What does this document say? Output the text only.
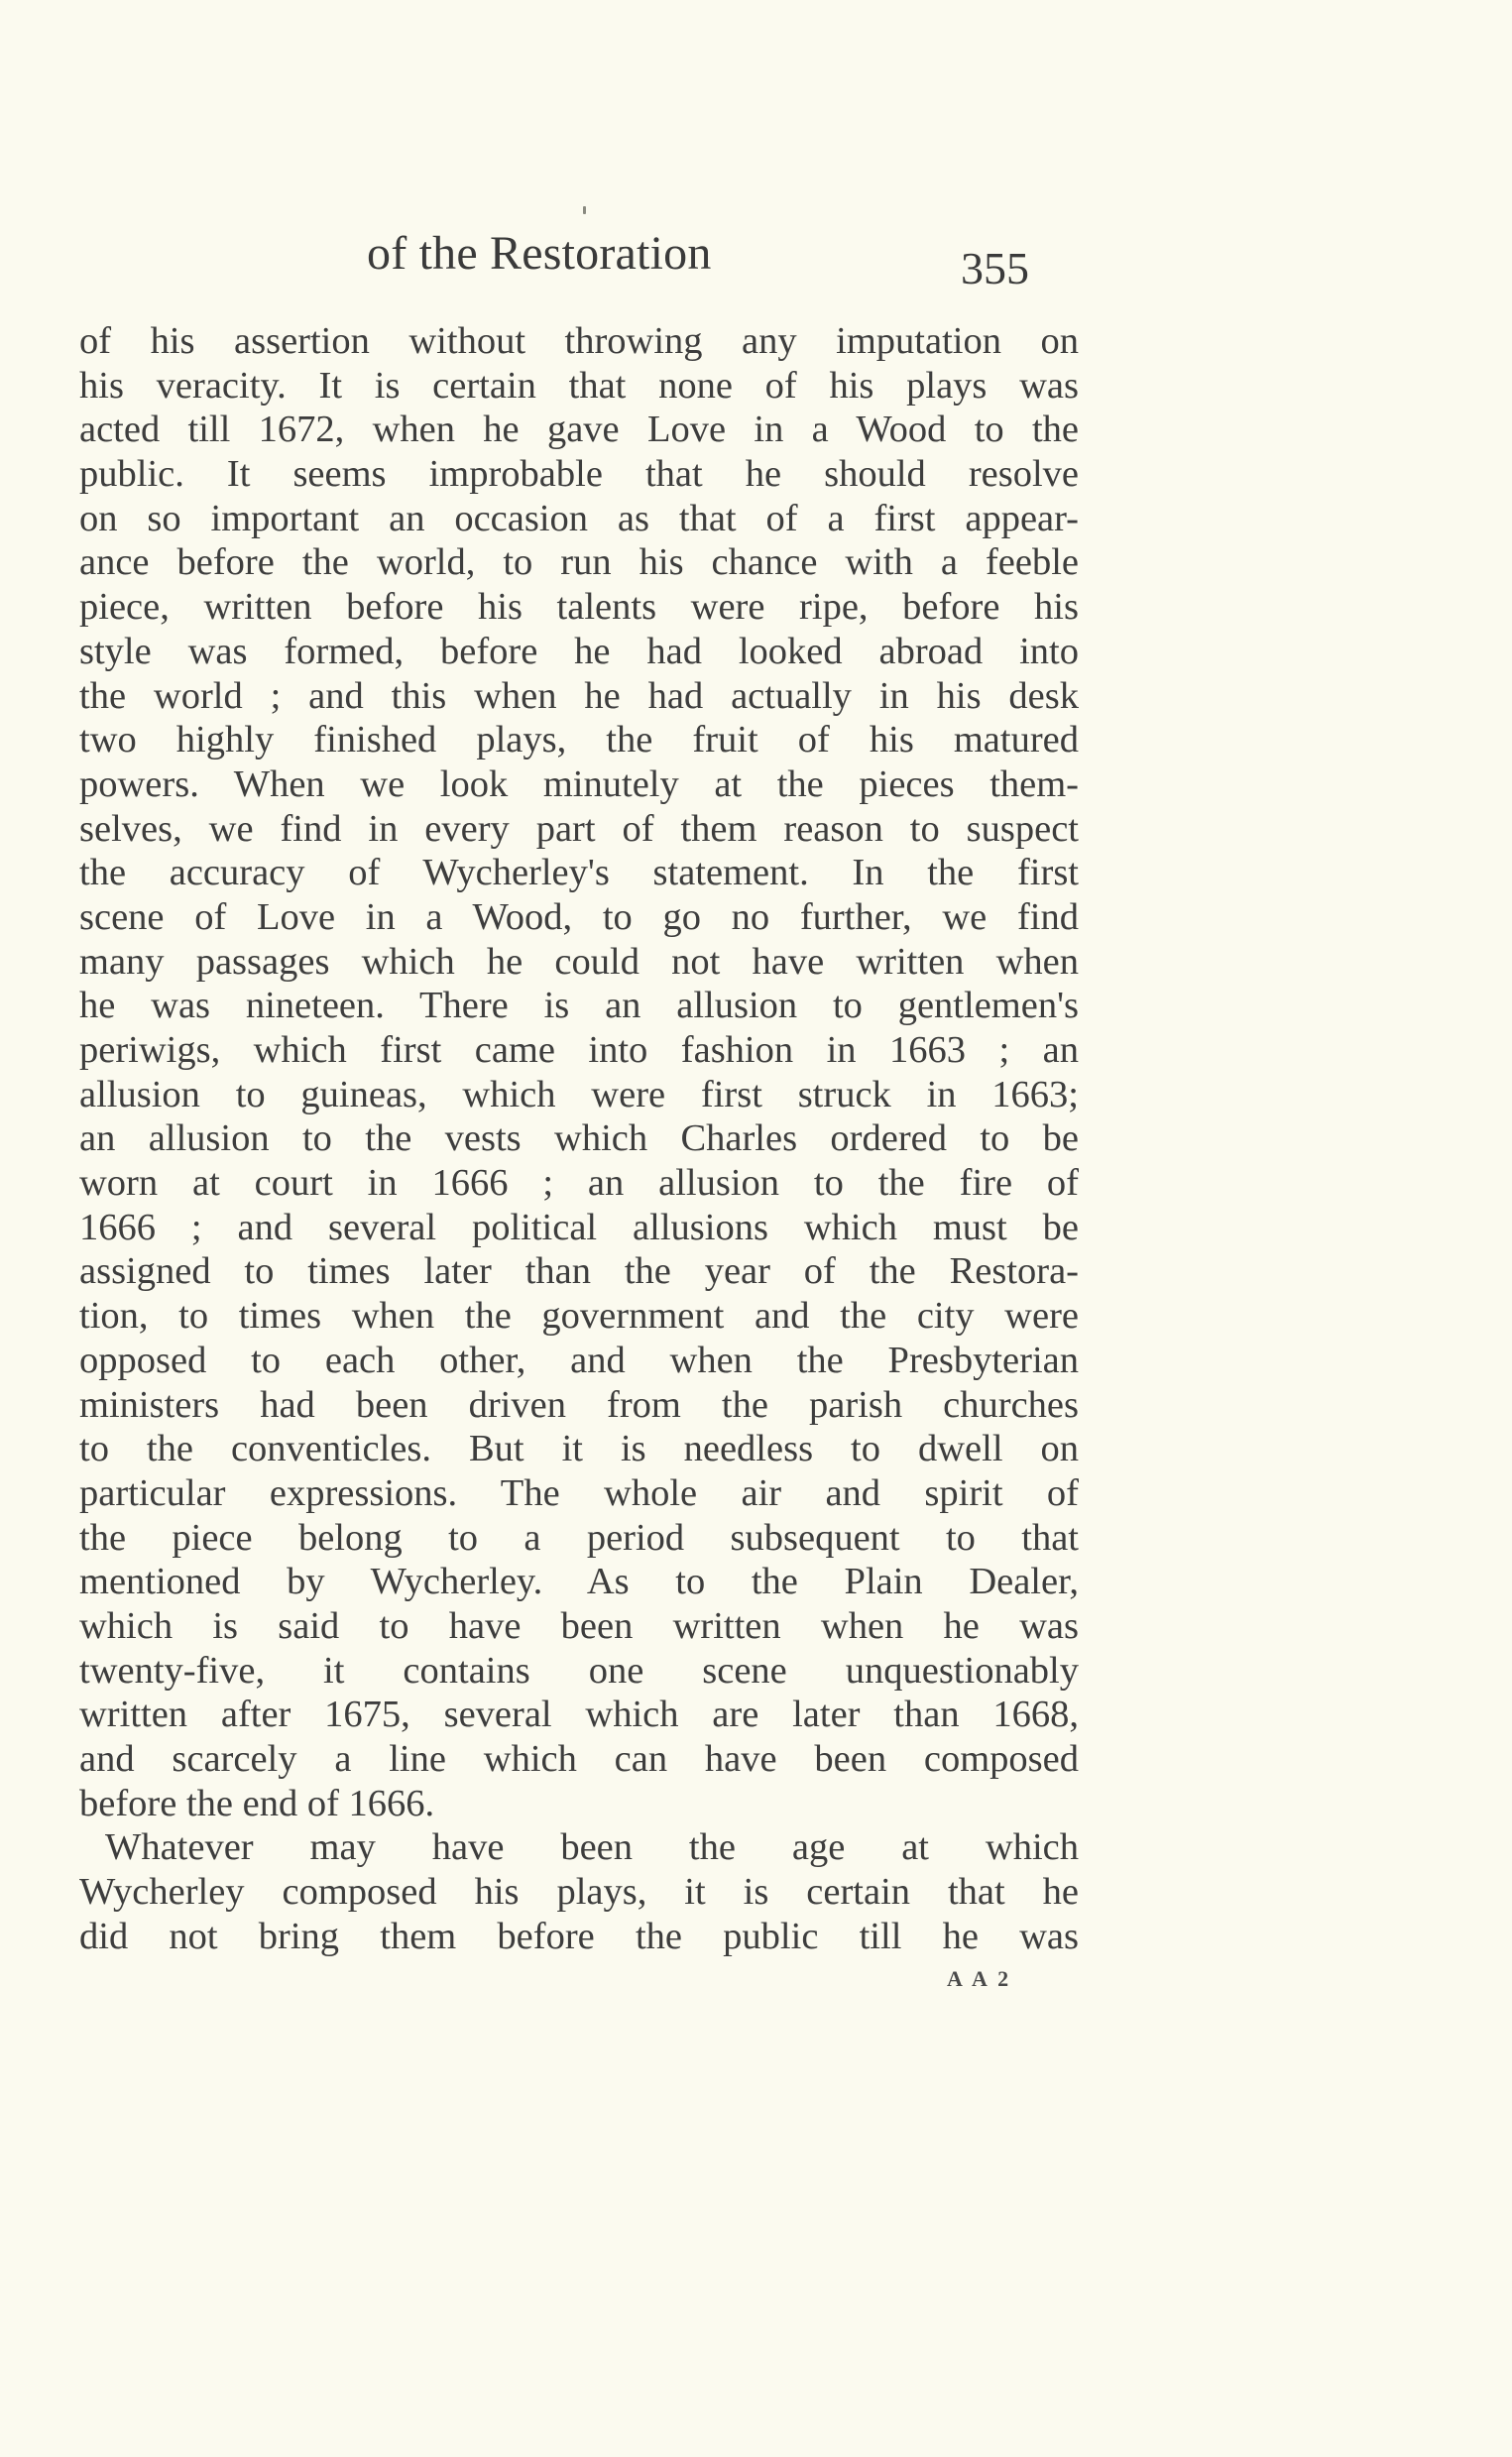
of the Restoration	355
of his assertion without throwing any imputation on
his veracity. It is certain that none of his plays was
acted till 1672, when he gave Love in a Wood to the
public. It seems improbable that he should resolve
on so important an occasion as that of a first appear-
ance before the world, to run his chance with a feeble
piece, written before his talents were ripe, before his
style was formed, before he had looked abroad into
the world ; and this when he had actually in his desk
two highly finished plays, the fruit of his matured
powers. When we look minutely at the pieces them-
selves, we find in every part of them reason to suspect
the accuracy of Wycherley's statement. In the first
scene of Love in a Wood, to go no further, we find
many passages which he could not have written when
he was nineteen. There is an allusion to gentlemen's
periwigs, which first came into fashion in 1663 ; an
allusion to guineas, which were first struck in 1663;
an allusion to the vests which Charles ordered to be
worn at court in 1666 ; an allusion to the fire of
1666 ; and several political allusions which must be
assigned to times later than the year of the Restora-
tion, to times when the government and the city were
opposed to each other, and when the Presbyterian
ministers had been driven from the parish churches
to the conventicles. But it is needless to dwell on
particular expressions. The whole air and spirit of
the piece belong to a period subsequent to that
mentioned by Wycherley. As to the Plain Dealer,
which is said to have been written when he was
twenty-five, it contains one scene unquestionably
written after 1675, several which are later than 1668,
and scarcely a line which can have been composed
before the end of 1666.
Whatever may have been the age at which
Wycherley composed his plays, it is certain that he
did not bring them before the public till he was
A A 2
